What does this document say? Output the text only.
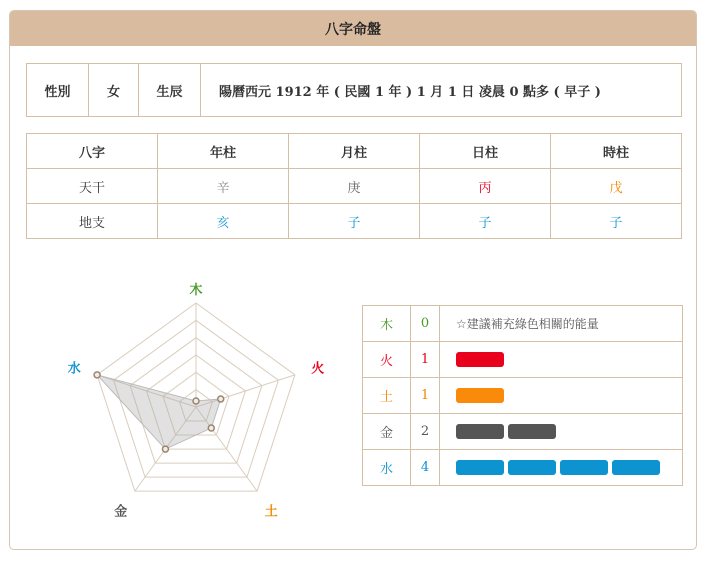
八字命盤
性別	女	生辰	陽曆西元 1912 年 ( 民國 1 年 ) 1 月 1 日 凌晨 0 點多 ( 早子 )
八字	年柱	月柱	日柱	時柱
天干	辛	庚	丙	戊
地支	亥	子	子	子
木
火
土
金
水
木	0	☆建議補充綠色相關的能量
火	1	
土	1	
金	2	
水	4	
